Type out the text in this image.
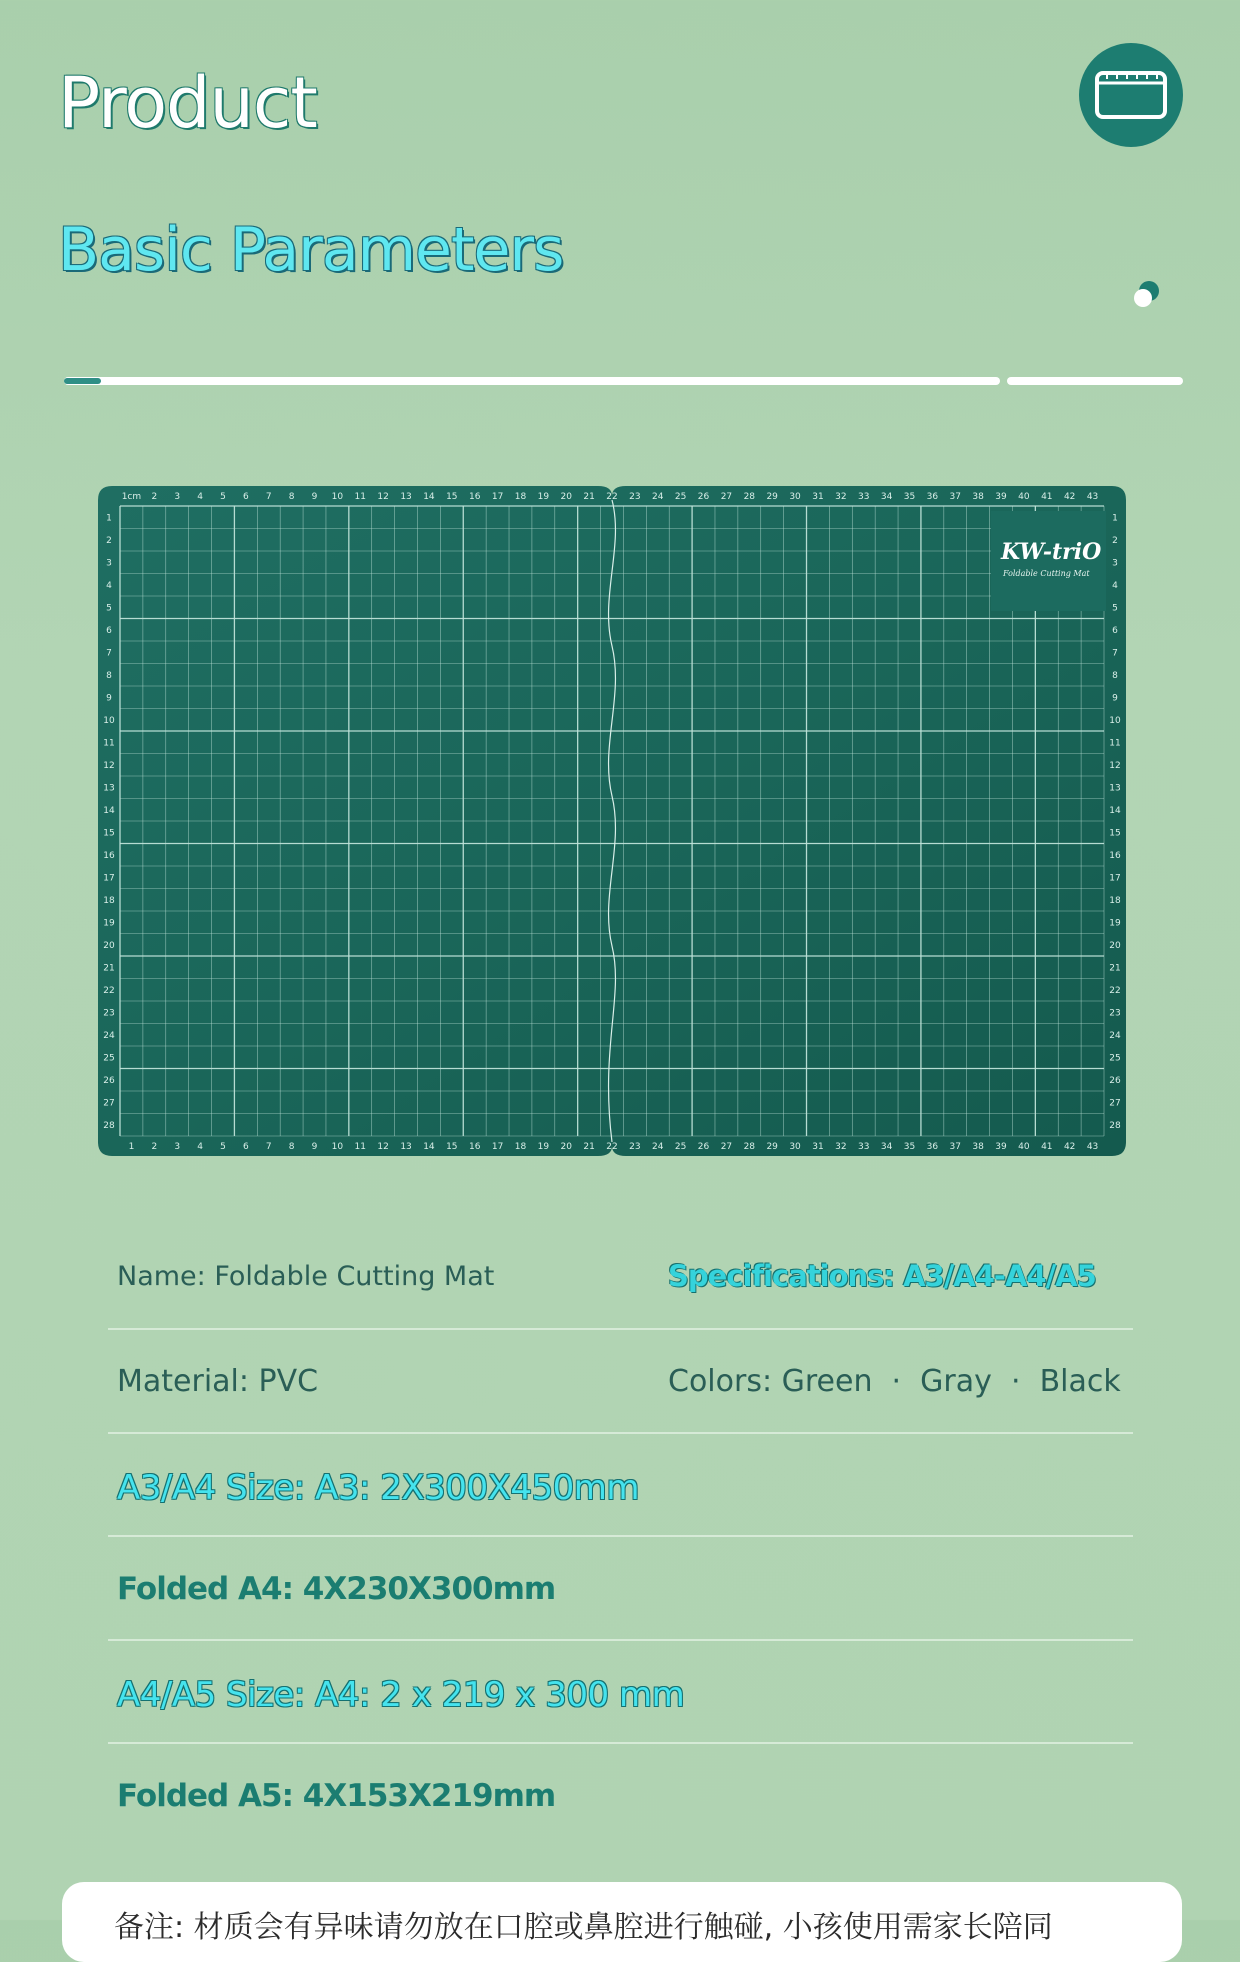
Product
Basic Parameters
1cm
1
2
2
3
3
4
4
5
5
6
6
7
7
8
8
9
9
10
10
11
11
12
12
13
13
14
14
15
15
16
16
17
17
18
18
19
19
20
20
21
21
22
22
23
23
24
24
25
25
26
26
27
27
28
28
29
29
30
30
31
31
32
32
33
33
34
34
35
35
36
36
37
37
38
38
39
39
40
40
41
41
42
42
43
43
1	1
2	2
3	3
4	4
5	5
6	6
7	7
8	8
9	9
10	10
11	11
12	12
13	13
14	14
15	15
16	16
17	17
18	18
19	19
20	20
21	21
22	22
23	23
24	24
25	25
26	26
27	27
28	28
KW-triO
Foldable Cutting Mat
Name: Foldable Cutting Mat	Specifications: A3/A4-A4/A5
Material: PVC	Colors: Green  ·  Gray  ·  Black
A3/A4 Size: A3: 2X300X450mm
Folded A4: 4X230X300mm
A4/A5 Size: A4: 2 x 219 x 300 mm
Folded A5: 4X153X219mm
备注: 材质会有异味请勿放在口腔或鼻腔进行触碰, 小孩使用需家长陪同
